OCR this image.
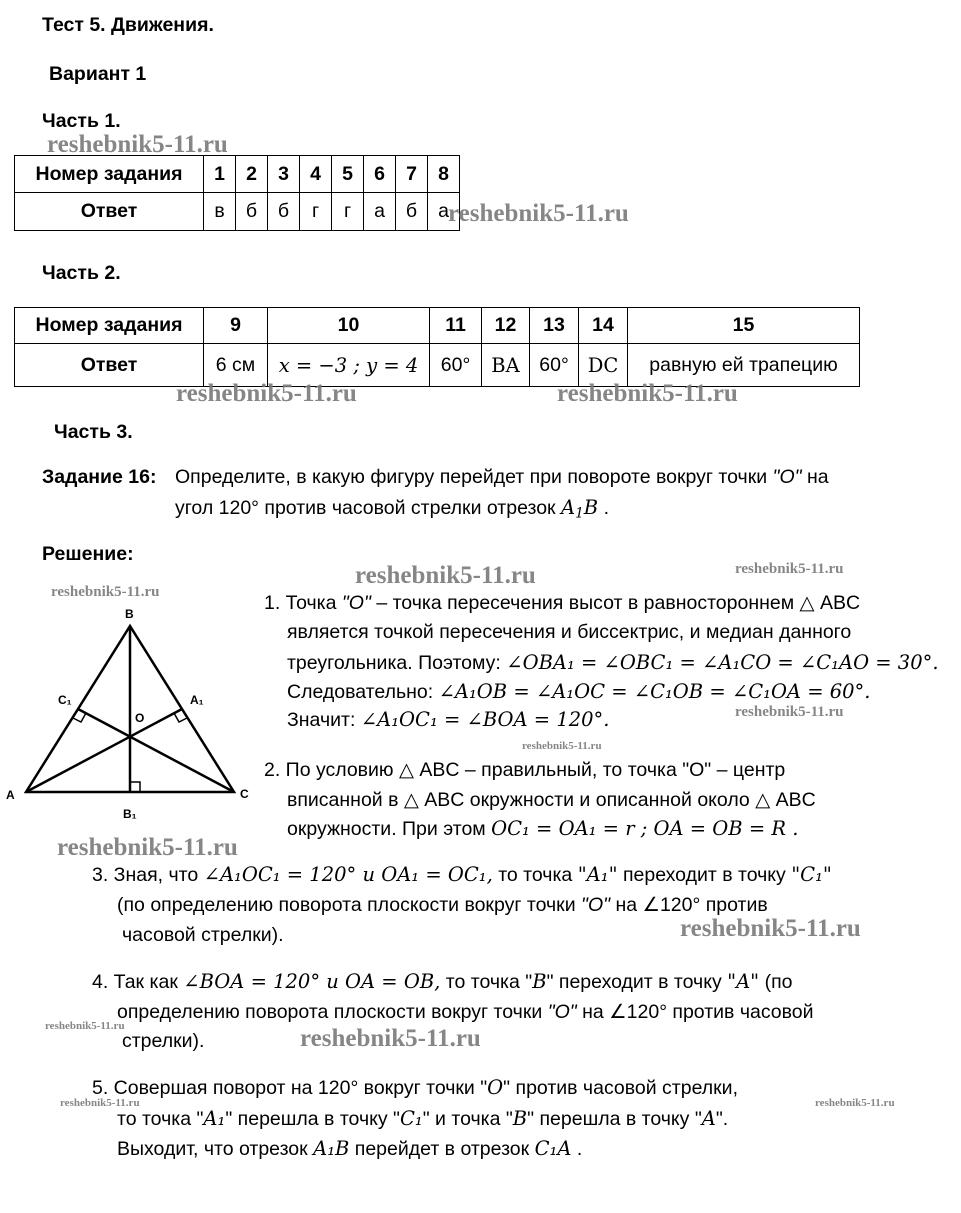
Тест 5. Движения.
Вариант 1
Часть 1.
Номер задания	1	2	3	4	5	6	7	8
Ответ	в	б	б	г	г	а	б	а
Часть 2.
Номер задания	9	10	11	12	13	14	15
Ответ	6 см	x = −3 ; y = 4	60°	BA	60°	DC	равную ей трапецию
Часть 3.
Задание 16: Определите, в какую фигуру перейдет при повороте вокруг точки "O" на
угол 120° против часовой стрелки отрезок $A_1B$ .
Решение:
B
A	C
O
A₁
C₁
B₁
1. Точка "O" – точка пересечения высот в равностороннем △ ABC
является точкой пересечения и биссектрис, и медиан данного
треугольника. Поэтому: ∠OBA₁ = ∠OBC₁ = ∠A₁CO = ∠C₁AO = 30°.
Следовательно: ∠A₁OB = ∠A₁OC = ∠C₁OB = ∠C₁OA = 60°.
Значит: ∠A₁OC₁ = ∠BOA = 120°.
2. По условию △ ABC – правильный, то точка "O" – центр
вписанной в △ ABC окружности и описанной около △ ABC
окружности. При этом OC₁ = OA₁ = r ; OA = OB = R .
3. Зная, что ∠A₁OC₁ = 120° и OA₁ = OC₁, то точка "A₁" переходит в точку "C₁"
(по определению поворота плоскости вокруг точки "O" на ∠120° против
часовой стрелки).
4. Так как ∠BOA = 120° и OA = OB, то точка "B" переходит в точку "A" (по
определению поворота плоскости вокруг точки "O" на ∠120° против часовой
стрелки).
5. Совершая поворот на 120° вокруг точки "O" против часовой стрелки,
то точка "A₁" перешла в точку "C₁" и точка "B" перешла в точку "A".
Выходит, что отрезок A₁B перейдет в отрезок C₁A .
reshebnik5-11.ru
reshebnik5-11.ru
reshebnik5-11.ru	reshebnik5-11.ru
reshebnik5-11.ru	reshebnik5-11.ru
reshebnik5-11.ru
reshebnik5-11.ru
reshebnik5-11.ru
reshebnik5-11.ru
reshebnik5-11.ru
reshebnik5-11.ru	reshebnik5-11.ru
reshebnik5-11.ru	reshebnik5-11.ru
